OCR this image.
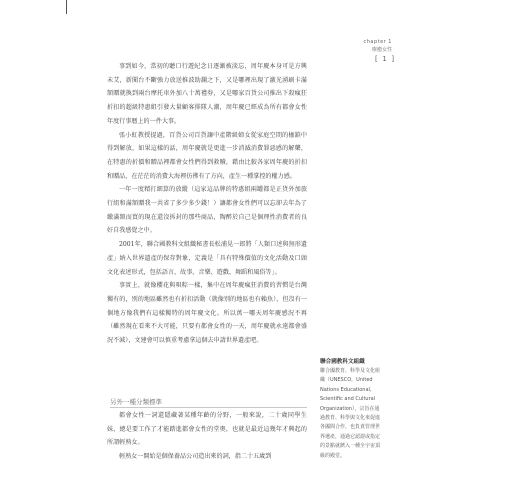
chapter 1
療癒女性
[ 1 ]

事到如今，當初的聽口行遊紀念日逐漸被淡忘，周年慶本身可是方興未艾，新聞台不斷強力放送推波助瀾之下，又是哪裡出現了激光湧刷卡滿額贈就換到兩台摩托車外加八十萬禮券，又是哪家百貨公司推出下殺瘋狂折扣的超級特惠組引發大量顧客排隊人潮，周年慶已經成為所有都會女性年度行事曆上的一件大事。

張小虹教授提過，百貨公司百貨讓中產階級婦女從家庭空間的枷鎖中得到解放，如果這樣的話，周年慶就是更進一步消滅消費罪惡感的解藥，在特惠的折價和贈品裡都會女性們得到救贖，藉由比較各家周年慶的折扣和贈品，在茫茫的消費大海裡彷彿有了方向，產生一種掌控的權力感。

一年一度精打細算的放縱（這家這品牌的特惠組兩罐都是正貨外加旅行組和滿額贈我一共省了多少多少錢！）讓都會女性們可以忘卻去年為了繳滿額而買的現在還沒拆封的那些商品，陶醉於自己是個理性消費者的良好自我感覺之中。

2001年，聯合國教科文組織秘書長松浦晃一郎將「人類口述與無形遺產」納入世界遺產的保存對象，定義是「具有特殊價值的文化活動及口頭文化表述形式，包括語言、故事、音樂、遊戲、舞蹈和風俗等」。

事實上，就像櫻花與唄粽一樣，集中在周年慶瘋狂消費的習慣是台灣獨有的，別的地區雖然也有折扣活動（就像別的地區也有賴魚），但沒有一個地方像我們有這樣獨特的周年慶文化。所以萬一哪天周年慶感況不再（雖然現在看來不大可能，只要有都會女性的一天，周年慶就永遠都會盛況不減），文建會可以慎重考慮拿這個去申請世界遺產吧。

另外一種分類標準

都會女性一詞還隱藏著某種年齡的分野，一般來說，二十歲同學生妹，總是要工作了才能踏進都會女性的堂奧，也就是最近這幾年才興起的所謂輕熟女。

輕熟女一開始是個保養品公司造出來的詞，指二十五歲到

聯合國教科文組織
聯合國教育、科學及文化組織（UNESCO，United Nations Educational, Scientific and Cultural Organization），宗旨在通過教育、科學與文化來促進各國間合作，也負責管理世界遺產，通過它認證或指定的景點就躋入一種全宇宙頂級的殿堂。
